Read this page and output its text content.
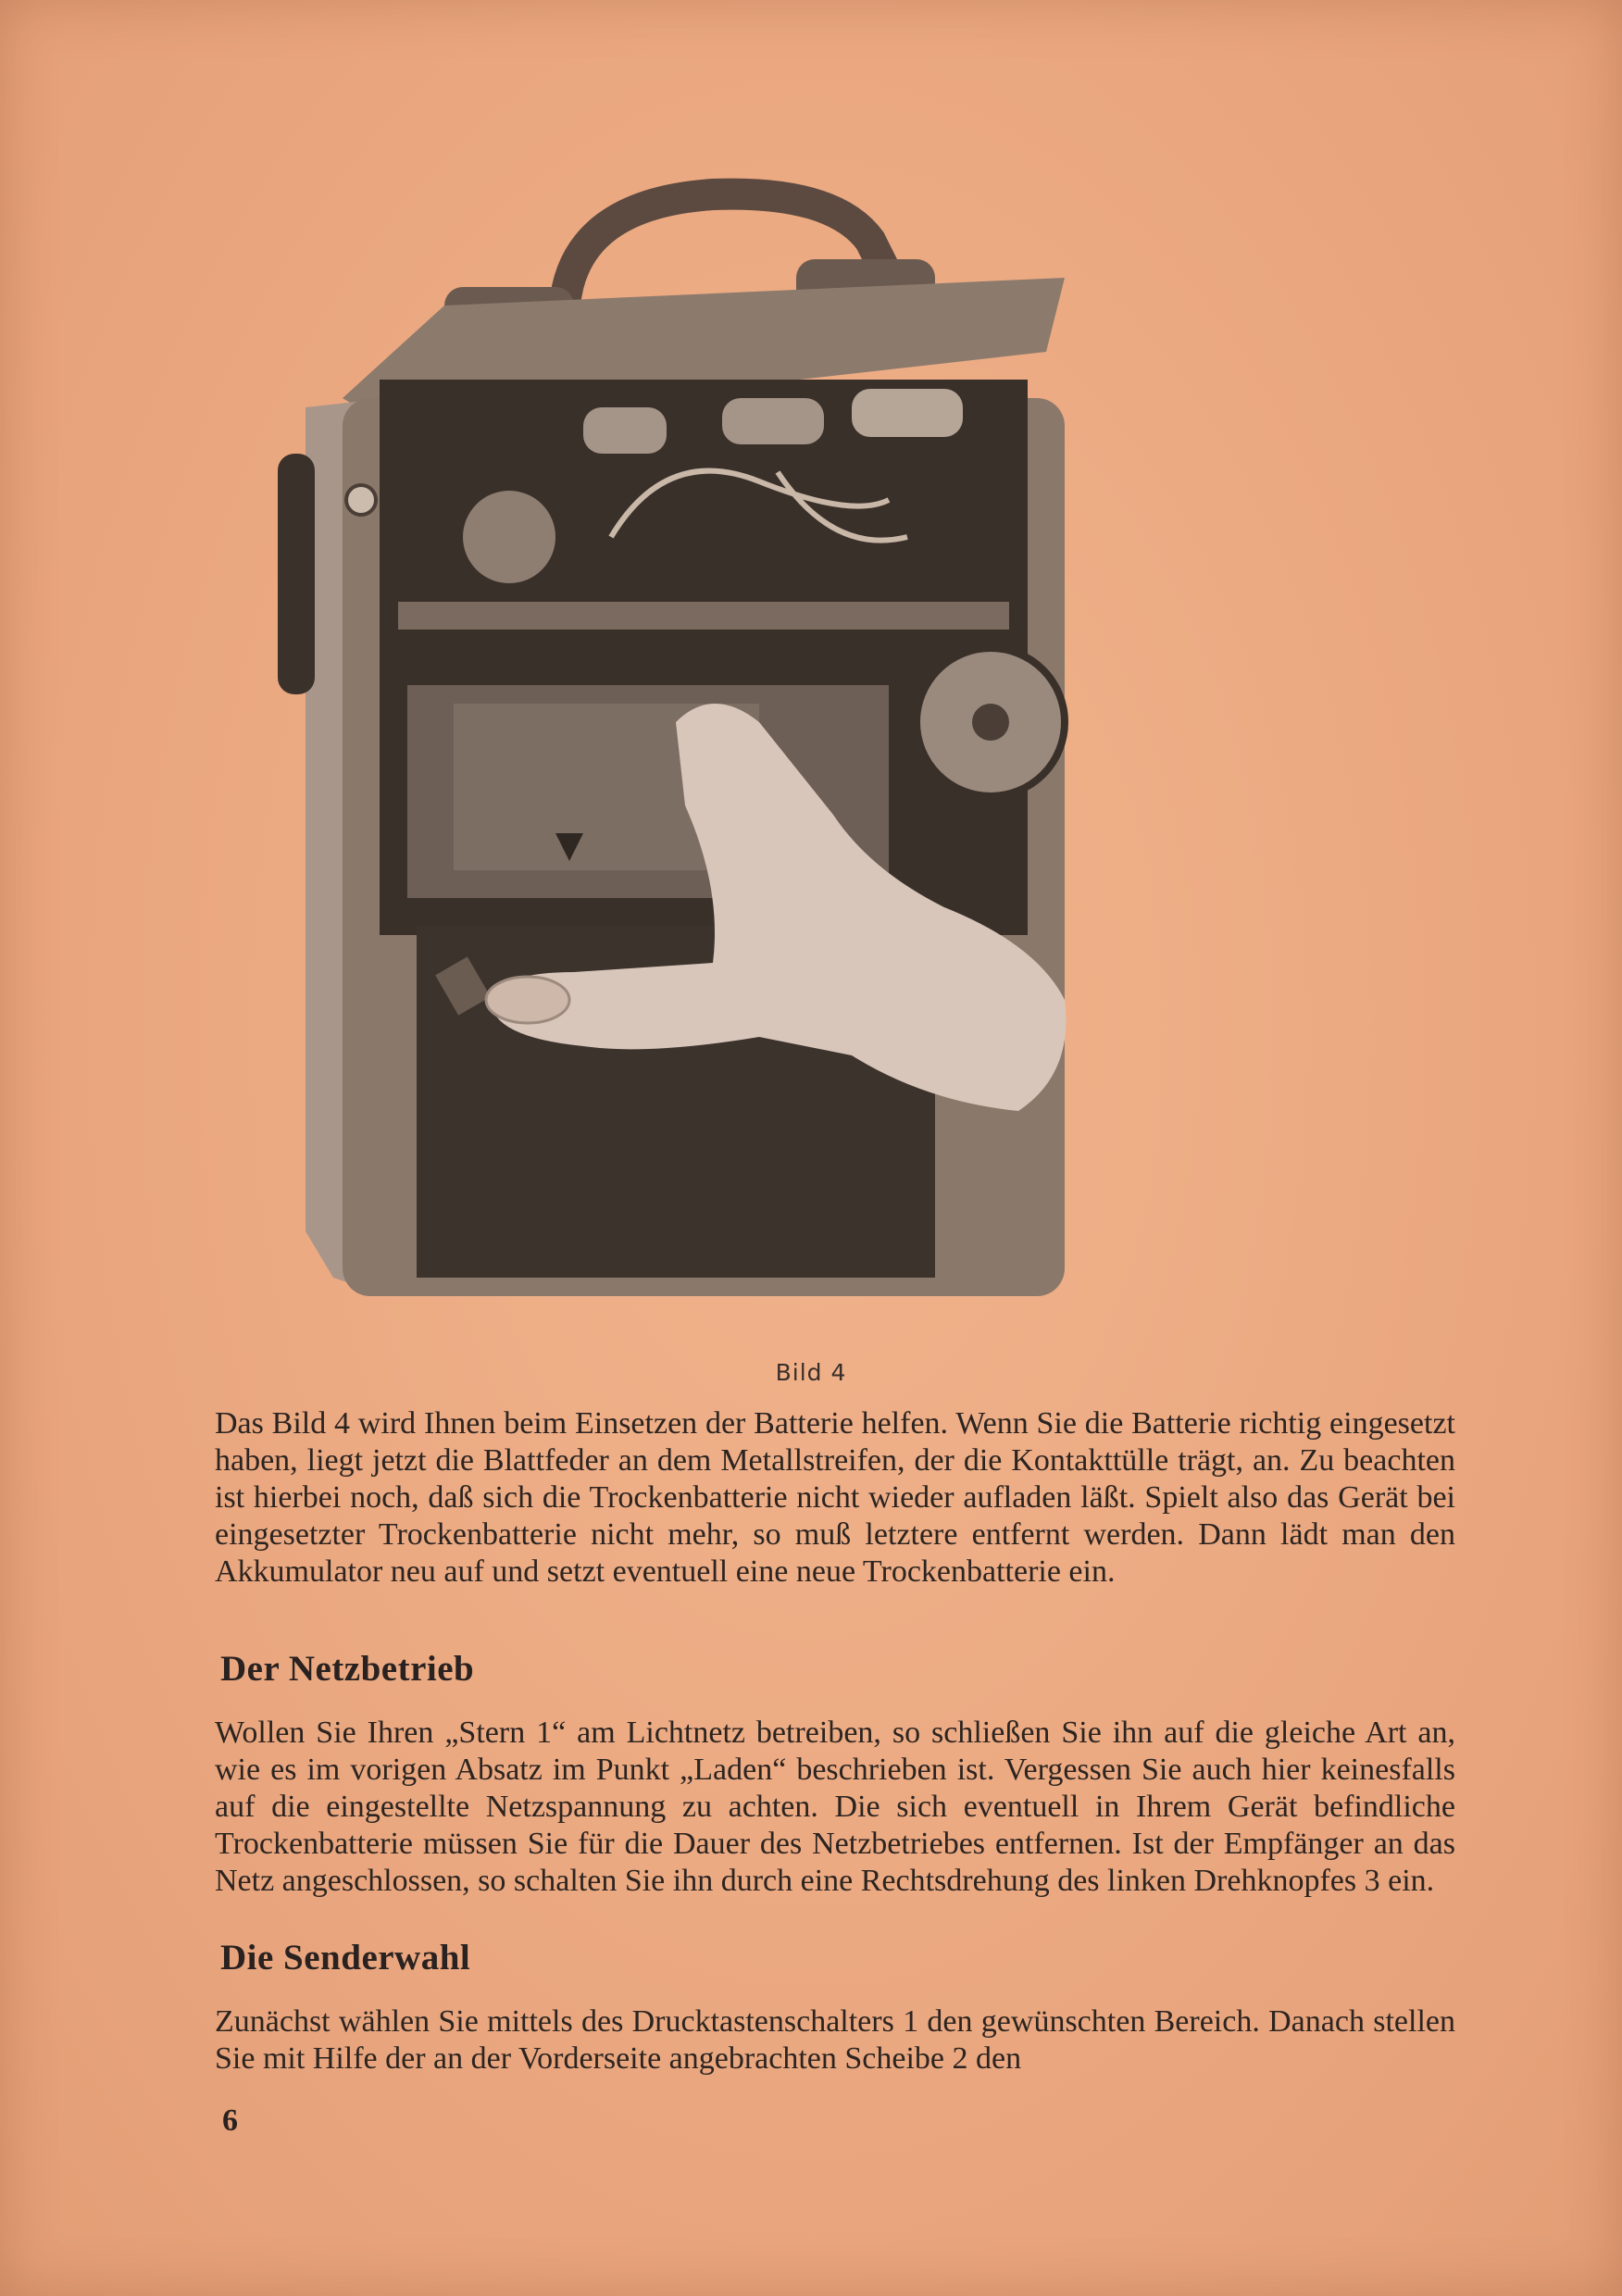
Bild 4

Das Bild 4 wird Ihnen beim Einsetzen der Batterie helfen. Wenn Sie die Batterie richtig eingesetzt haben, liegt jetzt die Blattfeder an dem Metallstreifen, der die Kontakttülle trägt, an. Zu beachten ist hierbei noch, daß sich die Trockenbatterie nicht wieder aufladen läßt. Spielt also das Gerät bei eingesetzter Trockenbatterie nicht mehr, so muß letztere entfernt werden. Dann lädt man den Akkumulator neu auf und setzt eventuell eine neue Trockenbatterie ein.

Der Netzbetrieb

Wollen Sie Ihren „Stern 1“ am Lichtnetz betreiben, so schließen Sie ihn auf die gleiche Art an, wie es im vorigen Absatz im Punkt „Laden“ beschrieben ist. Vergessen Sie auch hier keinesfalls auf die eingestellte Netzspannung zu achten. Die sich eventuell in Ihrem Gerät befindliche Trockenbatterie müssen Sie für die Dauer des Netzbetriebes entfernen. Ist der Empfänger an das Netz angeschlossen, so schalten Sie ihn durch eine Rechtsdrehung des linken Drehknopfes 3 ein.

Die Senderwahl

Zunächst wählen Sie mittels des Drucktastenschalters 1 den gewünschten Bereich. Danach stellen Sie mit Hilfe der an der Vorderseite angebrachten Scheibe 2 den

6
